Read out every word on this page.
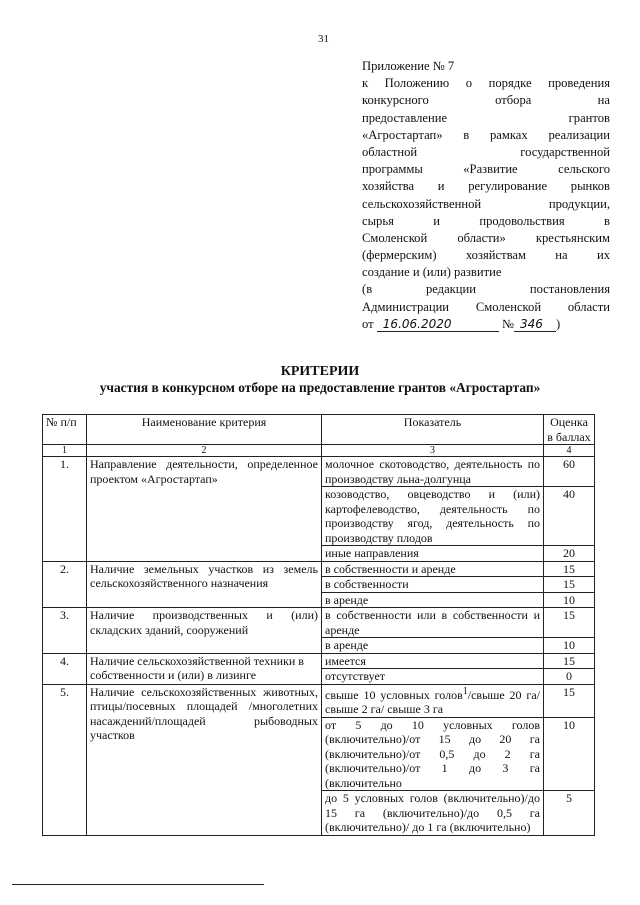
31
Приложение № 7
к Положению о порядке проведения
конкурсного отбора на
предоставление грантов
«Агростартап» в рамках реализации
областной государственной
программы «Развитие сельского
хозяйства и регулирование рынков
сельскохозяйственной продукции,
сырья и продовольствия в
Смоленской области» крестьянским
(фермерским) хозяйствам на их
создание и (или) развитие
(в редакции постановления
Администрации Смоленской области
от 16.06.2020	№ 346 )
КРИТЕРИИ
участия в конкурсном отборе на предоставление грантов «Агростартап»
№ п/п	Наименование критерия	Показатель	Оценка в баллах
1	2	3	4
1.	Направление деятельности, определенное проектом «Агростартап»	молочное скотоводство, деятельность по производству льна-долгунца	60
		козоводство, овцеводство и (или) картофелеводство, деятельность по производству ягод, деятельность по производству плодов	40
		иные направления	20
2.	Наличие земельных участков из земель сельскохозяйственного назначения	в собственности и аренде	15
		в собственности	15
		в аренде	10
3.	Наличие производственных и (или) складских зданий, сооружений	в собственности или в собственности и аренде	15
		в аренде	10
4.	Наличие сельскохозяйственной техники в собственности и (или) в лизинге	имеется	15
		отсутствует	0
5.	Наличие сельскохозяйственных животных, птицы/посевных площадей /многолетних насаждений/площадей рыбоводных участков	свыше 10 условных голов$^1$/свыше 20 га/свыше 2 га/ свыше 3 га	15
		от 5 до 10 условных голов (включительно)/от 15 до 20 га (включительно)/от 0,5 до 2 га (включительно)/от 1 до 3 га (включительно	10
		до 5 условных голов (включительно)/до 15 га (включительно)/до 0,5 га (включительно)/ до 1 га (включительно)	5
